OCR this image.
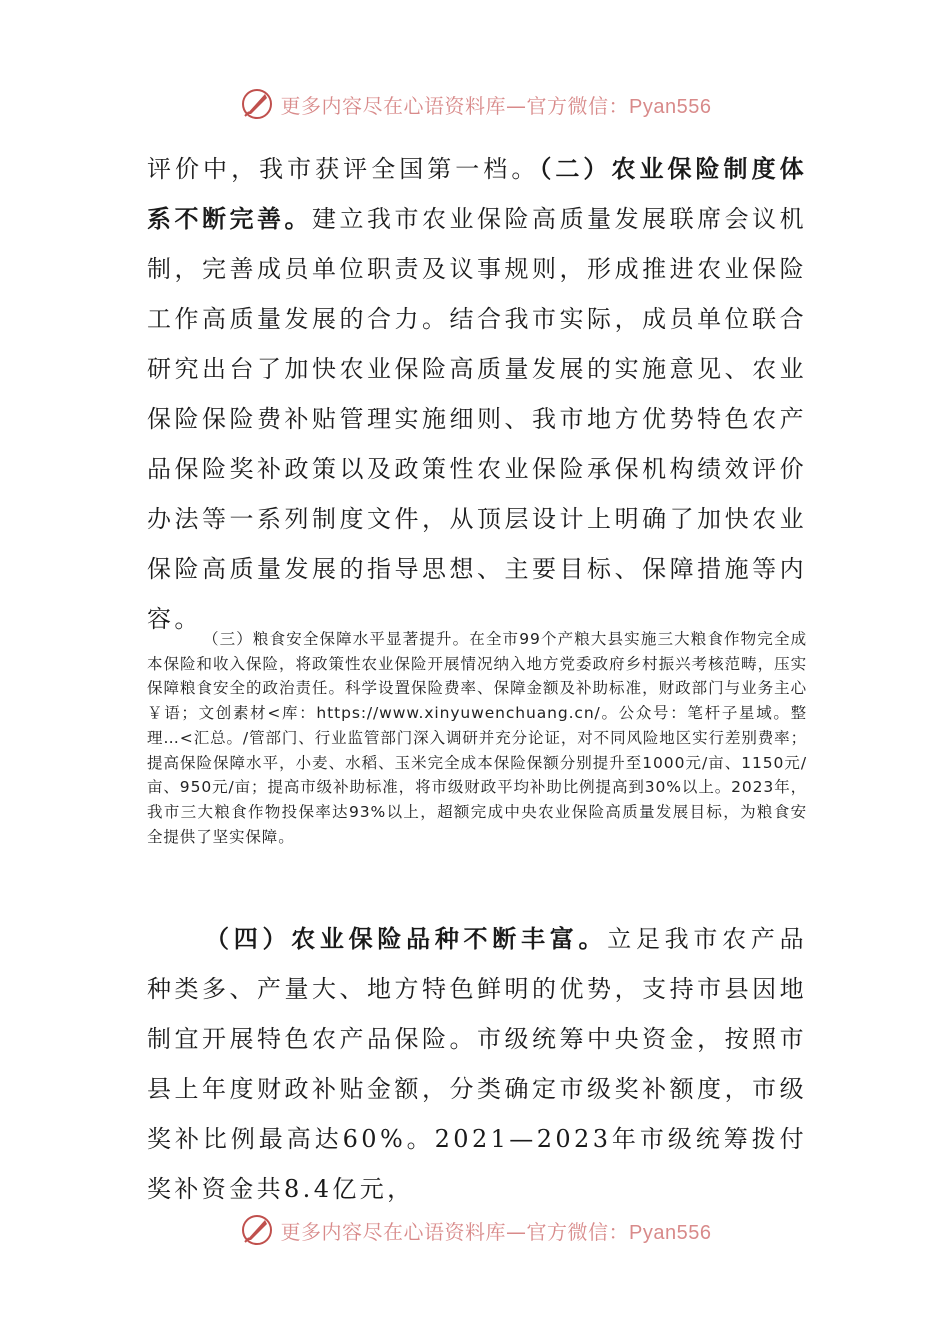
更多内容尽在心语资料库—官方微信：Pyan556

评价中，我市获评全国第一档。（二）农业保险制度体系不断完善。建立我市农业保险高质量发展联席会议机制，完善成员单位职责及议事规则，形成推进农业保险工作高质量发展的合力。结合我市实际，成员单位联合研究出台了加快农业保险高质量发展的实施意见、农业保险保险费补贴管理实施细则、我市地方优势特色农产品保险奖补政策以及政策性农业保险承保机构绩效评价办法等一系列制度文件，从顶层设计上明确了加快农业保险高质量发展的指导思想、主要目标、保障措施等内容。

（三）粮食安全保障水平显著提升。在全市99个产粮大县实施三大粮食作物完全成本保险和收入保险，将政策性农业保险开展情况纳入地方党委政府乡村振兴考核范畴，压实保障粮食安全的政治责任。科学设置保险费率、保障金额及补助标准，财政部门与业务主心￥语；文创素材<库：https://www.xinyuwenchuang.cn/。公众号：笔杆子星域。整理…<汇总。/管部门、行业监管部门深入调研并充分论证，对不同风险地区实行差别费率；提高保险保障水平，小麦、水稻、玉米完全成本保险保额分别提升至1000元/亩、1150元/亩、950元/亩；提高市级补助标准，将市级财政平均补助比例提高到30%以上。2023年，我市三大粮食作物投保率达93%以上，超额完成中央农业保险高质量发展目标，为粮食安全提供了坚实保障。

（四）农业保险品种不断丰富。立足我市农产品种类多、产量大、地方特色鲜明的优势，支持市县因地制宜开展特色农产品保险。市级统筹中央资金，按照市县上年度财政补贴金额，分类确定市级奖补额度，市级奖补比例最高达60%。2021—2023年市级统筹拨付奖补资金共8.4亿元，

更多内容尽在心语资料库—官方微信：Pyan556
